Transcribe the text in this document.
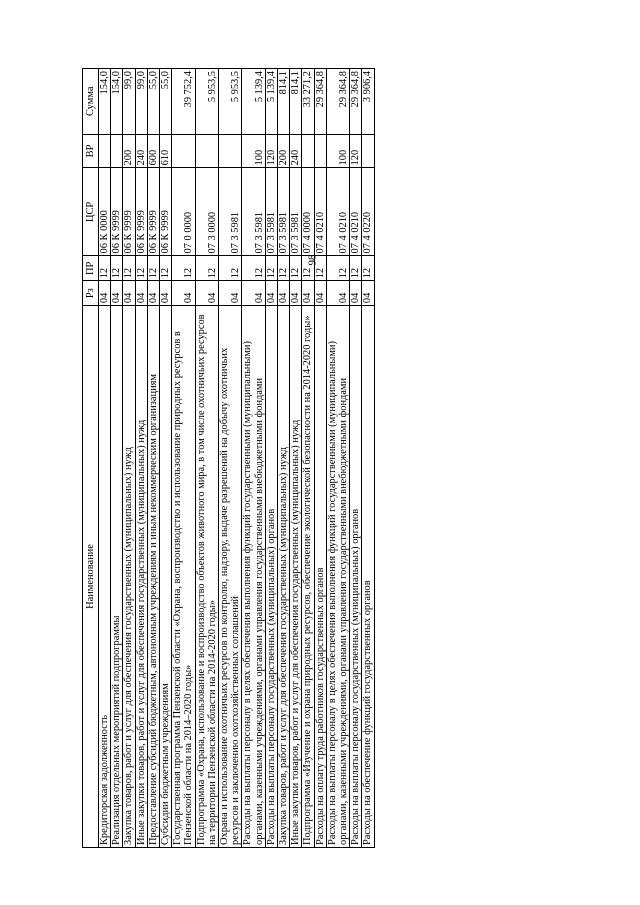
98
Наименование	Рз	ПР	ЦСР	ВР	Сумма
Кредиторская задолженность	04	12	06 К 0000		154,0
Реализация отдельных мероприятий подпрограммы	04	12	06 К 9999		154,0
Закупка товаров, работ и услуг для обеспечения государственных (муниципальных) нужд	04	12	06 К 9999	200	99,0
Иные закупки товаров, работ и услуг для обеспечения государственных (муниципальных) нужд	04	12	06 К 9999	240	99,0
Предоставление субсидий бюджетным, автономным учреждениям и иным некоммерческим организациям	04	12	06 К 9999	600	55,0
Субсидии бюджетным учреждениям	04	12	06 К 9999	610	55,0
Государственная программа Пензенской области «Охрана, воспроизводство и использование природных ресурсов в Пензенской области на 2014–2020 годы»	04	12	07 0 0000		39 752,4
Подпрограмма «Охрана, использование и воспроизводство объектов животного мира, в том числе охотничьих ресурсов на территории Пензенской области на 2014-2020 годы»	04	12	07 3 0000		5 953,5
Охрана и использование охотничьих ресурсов по контролю, надзору, выдаче разрешений на добычу охотничьих ресурсов и заключению охотхозяйственных соглашений	04	12	07 3 5981		5 953,5
Расходы на выплаты персоналу в целях обеспечения выполнения функций государственными (муниципальными) органами, казенными учреждениями, органами управления государственными внебюджетными фондами	04	12	07 3 5981	100	5 139,4
Расходы на выплаты персоналу государственных (муниципальных) органов	04	12	07 3 5981	120	5 139,4
Закупка товаров, работ и услуг для обеспечения государственных (муниципальных) нужд	04	12	07 3 5981	200	814,1
Иные закупки товаров, работ и услуг для обеспечения государственных (муниципальных) нужд	04	12	07 3 5981	240	814,1
Подпрограмма «Изучение и охрана природных ресурсов, обеспечение экологической безопасности на 2014-2020 годы»	04	12	07 4 0000		33 271,2
Расходы на оплату труда работников государственных органов	04	12	07 4 0210		29 364,8
Расходы на выплаты персоналу в целях обеспечения выполнения функций государственными (муниципальными) органами, казенными учреждениями, органами управления государственными внебюджетными фондами	04	12	07 4 0210	100	29 364,8
Расходы на выплаты персоналу государственных (муниципальных) органов	04	12	07 4 0210	120	29 364,8
Расходы на обеспечение функций государственных органов	04	12	07 4 0220		3 906,4
